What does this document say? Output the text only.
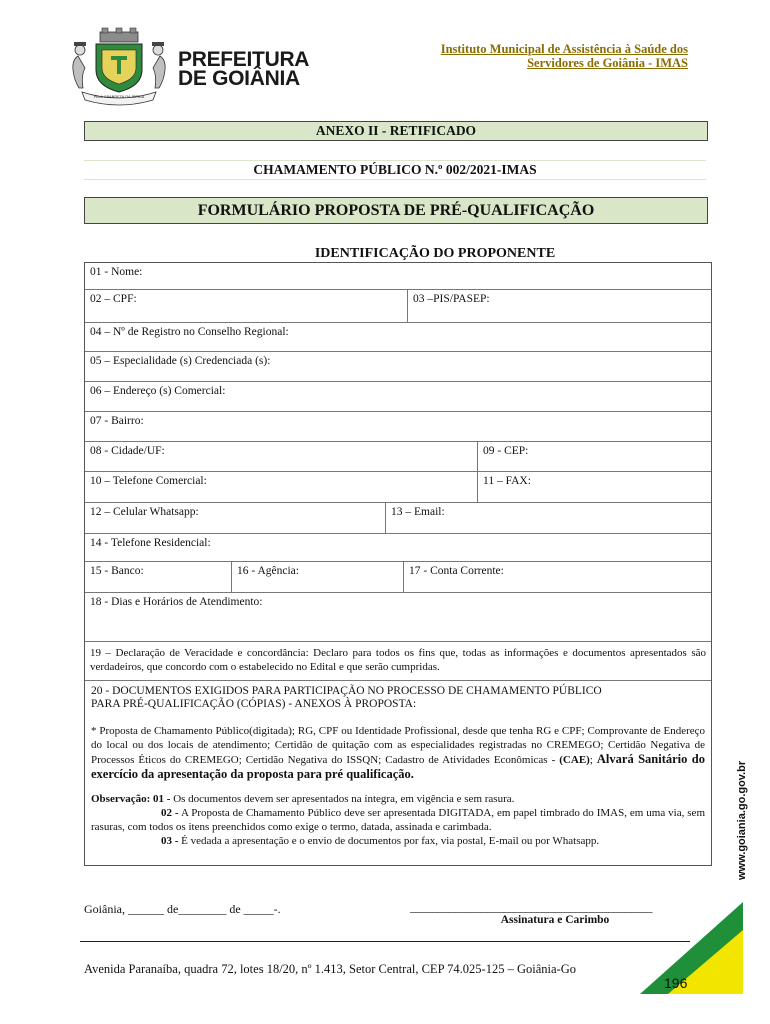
PELA GRANDEZA DA PÁTRIA
PREFEITURA
DE GOIÂNIA
Instituto Municipal de Assistência à Saúde dos
Servidores de Goiânia - IMAS
ANEXO II - RETIFICADO
CHAMAMENTO PÚBLICO N.º 002/2021-IMAS
FORMULÁRIO PROPOSTA DE PRÉ-QUALIFICAÇÃO
IDENTIFICAÇÃO DO PROPONENTE
01 - Nome:
02 – CPF:	03 –PIS/PASEP:
04 – Nº de Registro no Conselho Regional:
05 – Especialidade (s) Credenciada (s):
06 – Endereço (s) Comercial:
07 - Bairro:
08 - Cidade/UF:	09 - CEP:
10 – Telefone Comercial:	11 – FAX:
12 – Celular Whatsapp:	13 – Email:
14 - Telefone Residencial:
15 - Banco:	16 - Agência:	17 - Conta Corrente:
18 - Dias e Horários de Atendimento:
19 – Declaração de Veracidade e concordância: Declaro para todos os fins que, todas as informações e documentos apresentados são verdadeiros, que concordo com o estabelecido no Edital e que serão cumpridas.
20 - DOCUMENTOS EXIGIDOS PARA PARTICIPAÇÃO NO PROCESSO DE CHAMAMENTO PÚBLICO
PARA PRÉ-QUALIFICAÇÃO (CÓPIAS) - ANEXOS À PROPOSTA:
* Proposta de Chamamento Público(digitada); RG, CPF ou Identidade Profissional, desde que tenha RG e CPF; Comprovante de Endereço do local ou dos locais de atendimento; Certidão de quitação com as especialidades registradas no CREMEGO; Certidão Negativa de Processos Éticos do CREMEGO; Certidão Negativa do ISSQN; Cadastro de Atividades Econômicas - (CAE); Alvará Sanitário do exercício da apresentação da proposta para pré qualificação.
Observação: 01 - Os documentos devem ser apresentados na íntegra, em vigência e sem rasura.
02 - A Proposta de Chamamento Público deve ser apresentada DIGITADA, em papel timbrado do IMAS, em uma via, sem rasuras, com todos os itens preenchidos como exige o termo, datada, assinada e carimbada.
03 - É vedada a apresentação e o envio de documentos por fax, via postal, E-mail ou por Whatsapp.
Goiânia, ______ de________ de _____-.	____________________________________________
Assinatura e Carimbo
Avenida Paranaíba, quadra 72, lotes 18/20, nº 1.413, Setor Central, CEP 74.025-125 – Goiânia-Go
www.goiania.go.gov.br
196
